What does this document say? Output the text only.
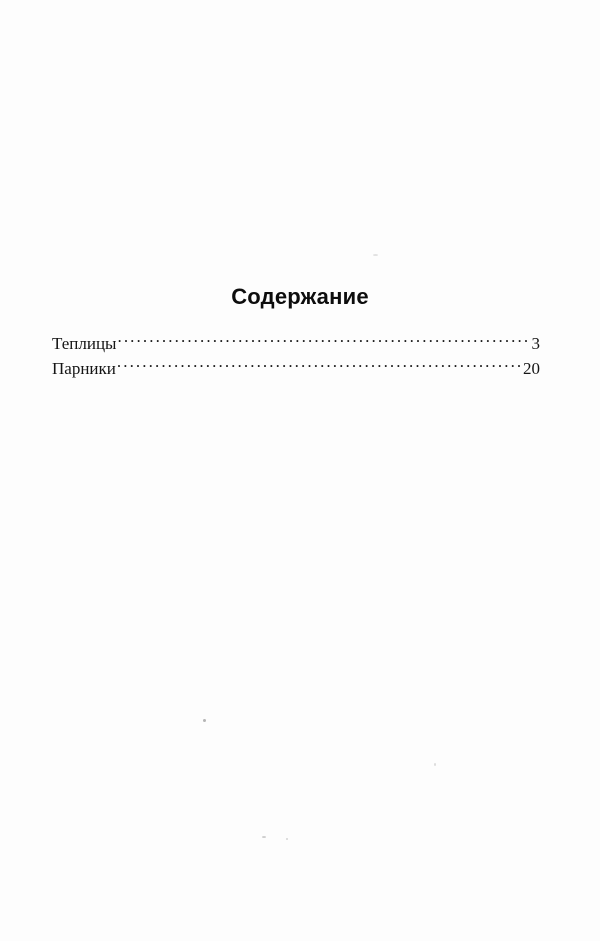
Содержание
Теплицы .....	3
Парники .....	20
